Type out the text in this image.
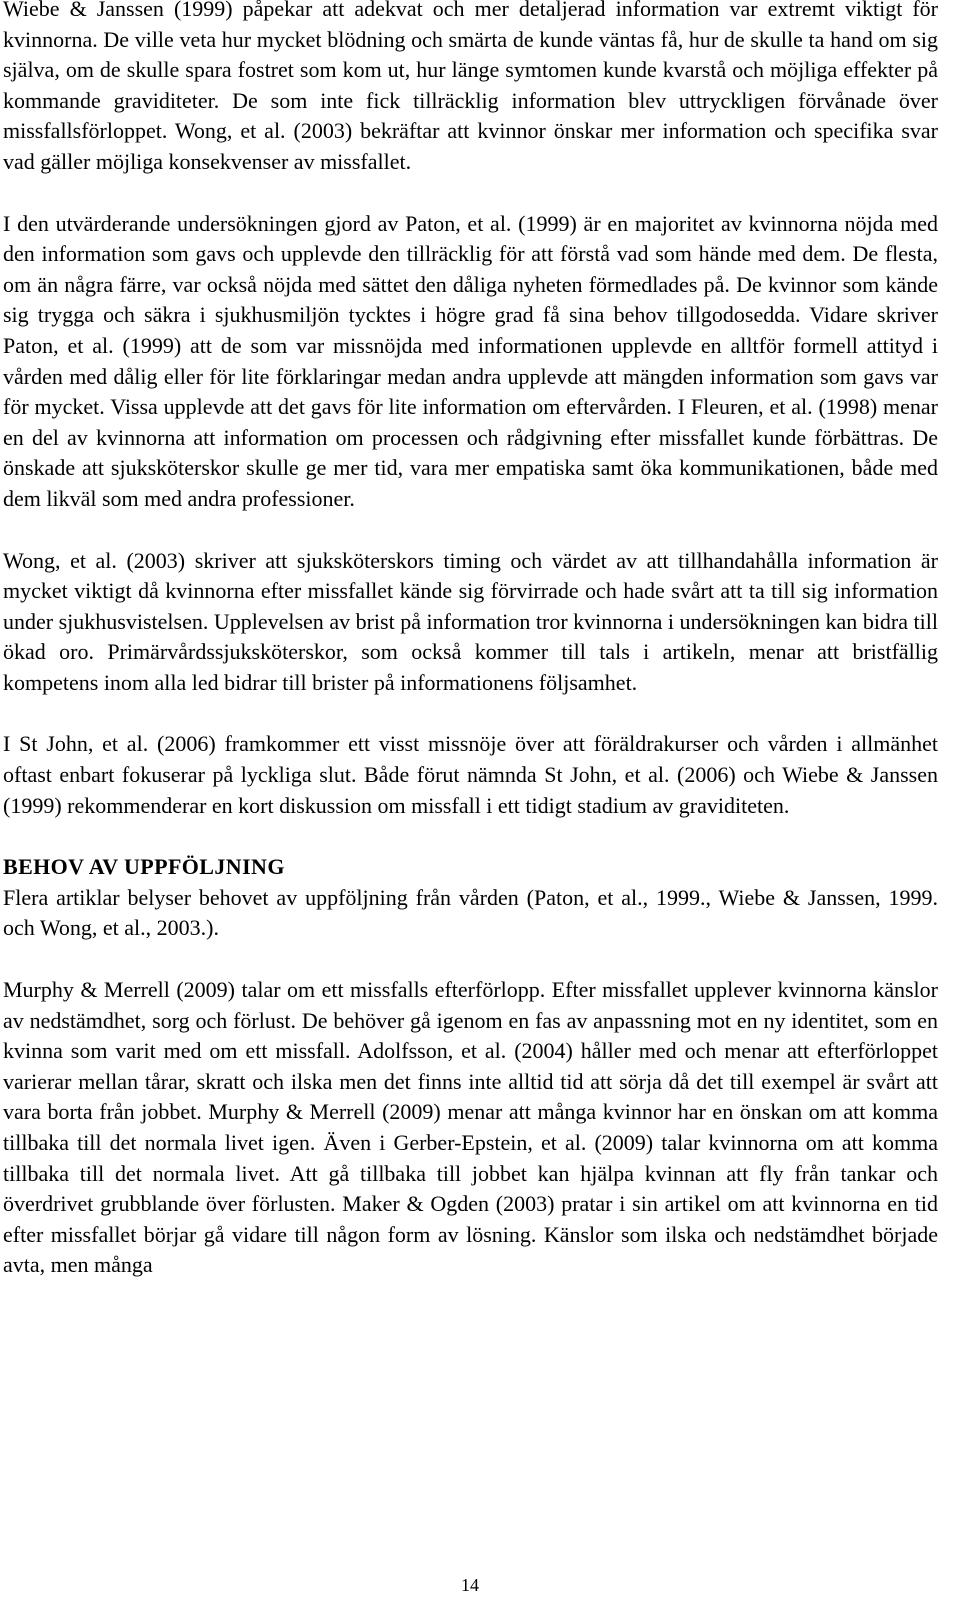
Wiebe & Janssen (1999) påpekar att adekvat och mer detaljerad information var extremt viktigt för kvinnorna. De ville veta hur mycket blödning och smärta de kunde väntas få, hur de skulle ta hand om sig själva, om de skulle spara fostret som kom ut, hur länge symtomen kunde kvarstå och möjliga effekter på kommande graviditeter. De som inte fick tillräcklig information blev uttryckligen förvånade över missfallsförloppet. Wong, et al. (2003) bekräftar att kvinnor önskar mer information och specifika svar vad gäller möjliga konsekvenser av missfallet.

I den utvärderande undersökningen gjord av Paton, et al. (1999) är en majoritet av kvinnorna nöjda med den information som gavs och upplevde den tillräcklig för att förstå vad som hände med dem. De flesta, om än några färre, var också nöjda med sättet den dåliga nyheten förmedlades på. De kvinnor som kände sig trygga och säkra i sjukhusmiljön tycktes i högre grad få sina behov tillgodosedda. Vidare skriver Paton, et al. (1999) att de som var missnöjda med informationen upplevde en alltför formell attityd i vården med dålig eller för lite förklaringar medan andra upplevde att mängden information som gavs var för mycket. Vissa upplevde att det gavs för lite information om eftervården. I Fleuren, et al. (1998) menar en del av kvinnorna att information om processen och rådgivning efter missfallet kunde förbättras. De önskade att sjuksköterskor skulle ge mer tid, vara mer empatiska samt öka kommunikationen, både med dem likväl som med andra professioner.

Wong, et al. (2003) skriver att sjuksköterskors timing och värdet av att tillhandahålla information är mycket viktigt då kvinnorna efter missfallet kände sig förvirrade och hade svårt att ta till sig information under sjukhusvistelsen. Upplevelsen av brist på information tror kvinnorna i undersökningen kan bidra till ökad oro. Primärvårdssjuksköterskor, som också kommer till tals i artikeln, menar att bristfällig kompetens inom alla led bidrar till brister på informationens följsamhet.

I St John, et al. (2006) framkommer ett visst missnöje över att föräldrakurser och vården i allmänhet oftast enbart fokuserar på lyckliga slut. Både förut nämnda St John, et al. (2006) och Wiebe & Janssen (1999) rekommenderar en kort diskussion om missfall i ett tidigt stadium av graviditeten.

BEHOV AV UPPFÖLJNING

Flera artiklar belyser behovet av uppföljning från vården (Paton, et al., 1999., Wiebe & Janssen, 1999. och Wong, et al., 2003.).

Murphy & Merrell (2009) talar om ett missfalls efterförlopp. Efter missfallet upplever kvinnorna känslor av nedstämdhet, sorg och förlust. De behöver gå igenom en fas av anpassning mot en ny identitet, som en kvinna som varit med om ett missfall. Adolfsson, et al. (2004) håller med och menar att efterförloppet varierar mellan tårar, skratt och ilska men det finns inte alltid tid att sörja då det till exempel är svårt att vara borta från jobbet. Murphy & Merrell (2009) menar att många kvinnor har en önskan om att komma tillbaka till det normala livet igen. Även i Gerber-Epstein, et al. (2009) talar kvinnorna om att komma tillbaka till det normala livet. Att gå tillbaka till jobbet kan hjälpa kvinnan att fly från tankar och överdrivet grubblande över förlusten. Maker & Ogden (2003) pratar i sin artikel om att kvinnorna en tid efter missfallet börjar gå vidare till någon form av lösning. Känslor som ilska och nedstämdhet började avta, men många

14
